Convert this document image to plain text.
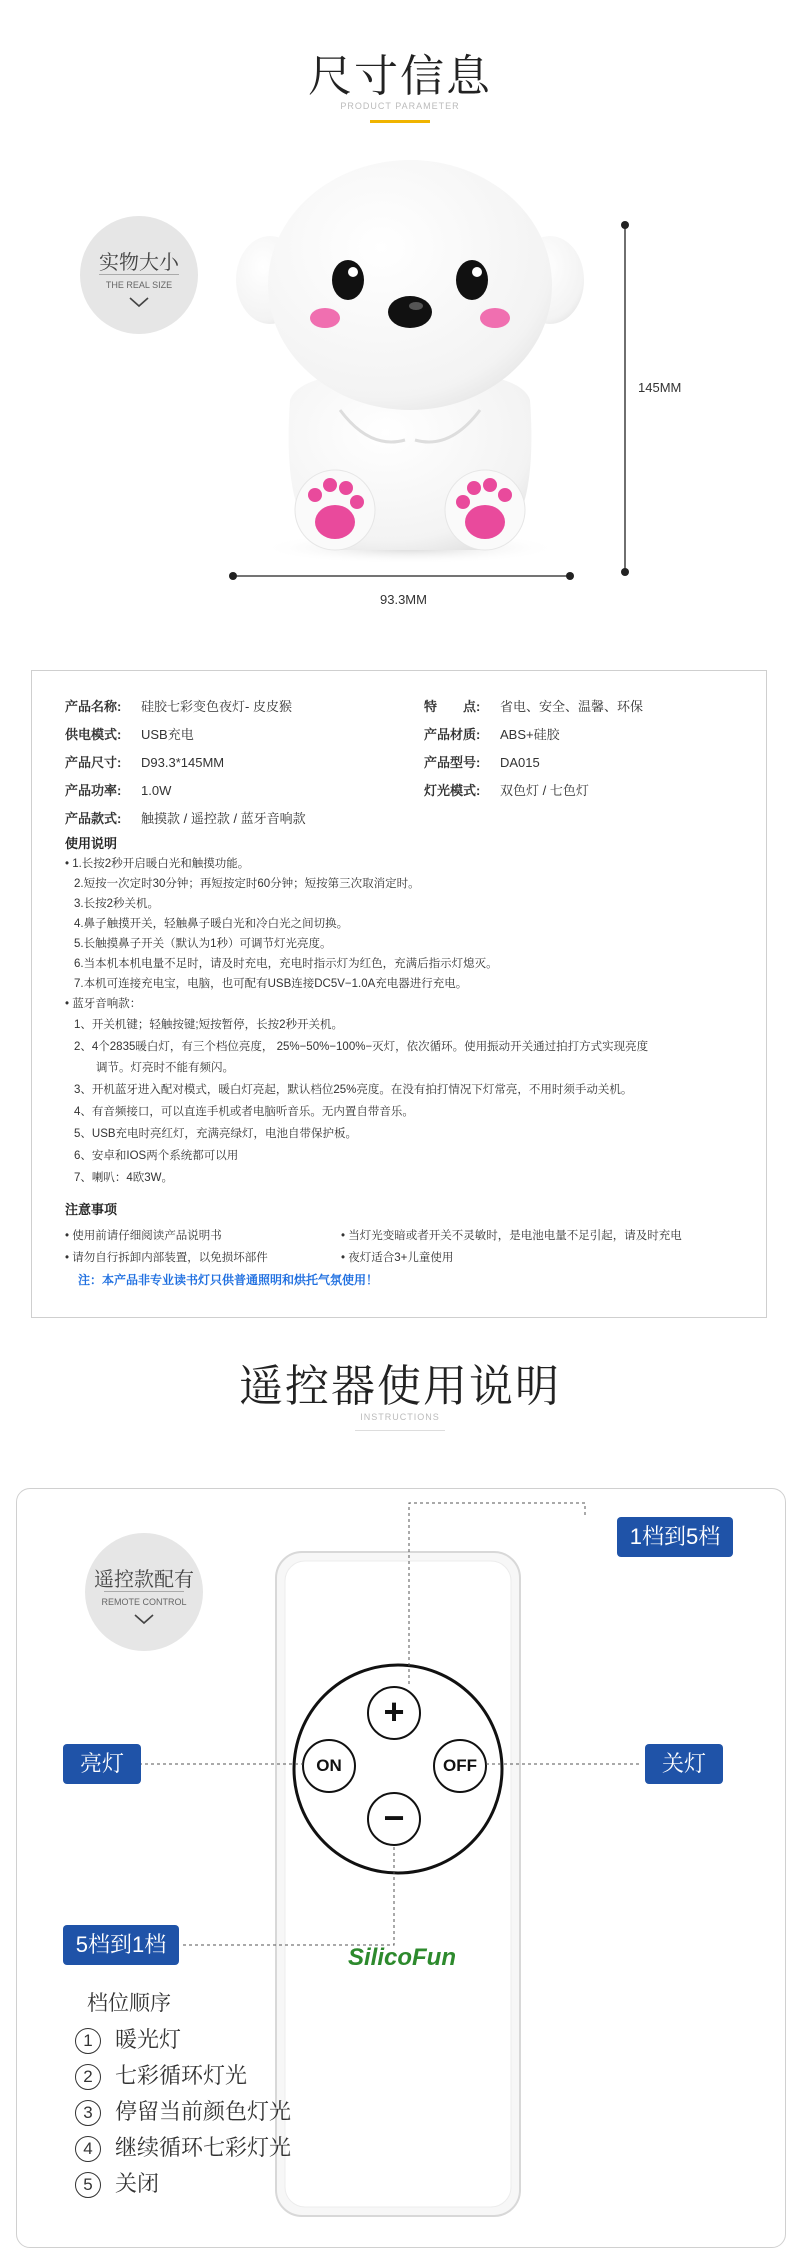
尺寸信息
PRODUCT PARAMETER
实物大小
THE REAL SIZE
145MM
93.3MM
产品名称: 硅胶七彩变色夜灯- 皮皮猴	特　　点: 省电、安全、温馨、环保
供电模式: USB充电	产品材质: ABS+硅胶
产品尺寸: D93.3*145MM	产品型号: DA015
产品功率: 1.0W	灯光模式: 双色灯 / 七色灯
产品款式: 触摸款 / 遥控款 / 蓝牙音响款
使用说明
• 1.长按2秒开启暖白光和触摸功能。
2.短按一次定时30分钟；再短按定时60分钟；短按第三次取消定时。
3.长按2秒关机。
4.鼻子触摸开关，轻触鼻子暖白光和冷白光之间切换。
5.长触摸鼻子开关（默认为1秒）可调节灯光亮度。
6.当本机本机电量不足时，请及时充电，充电时指示灯为红色，充满后指示灯熄灭。
7.本机可连接充电宝，电脑，也可配有USB连接DC5V−1.0A充电器进行充电。
• 蓝牙音响款：
1、开关机键；轻触按键;短按暂停，长按2秒开关机。
2、4个2835暖白灯，有三个档位亮度， 25%−50%−100%−灭灯，依次循环。使用振动开关通过拍打方式实现亮度
调节。灯亮时不能有频闪。
3、开机蓝牙进入配对模式，暖白灯亮起，默认档位25%亮度。在没有拍打情况下灯常亮，不用时须手动关机。
4、有音频接口，可以直连手机或者电脑听音乐。无内置自带音乐。
5、USB充电时亮红灯，充满亮绿灯，电池自带保护板。
6、安卓和IOS两个系统都可以用
7、喇叭：4欧3W。
注意事项
• 使用前请仔细阅读产品说明书	• 当灯光变暗或者开关不灵敏时，是电池电量不足引起，请及时充电
• 请勿自行拆卸内部装置，以免损坏部件	• 夜灯适合3+儿童使用
注：本产品非专业读书灯只供普通照明和烘托气氛使用！
遥控器使用说明
INSTRUCTIONS
遥控款配有
REMOTE CONTROL
+
−
ON	OFF
SilicoFun
1档到5档
亮灯	关灯
5档到1档
档位顺序
1 暖光灯
2 七彩循环灯光
3 停留当前颜色灯光
4 继续循环七彩灯光
5 关闭
